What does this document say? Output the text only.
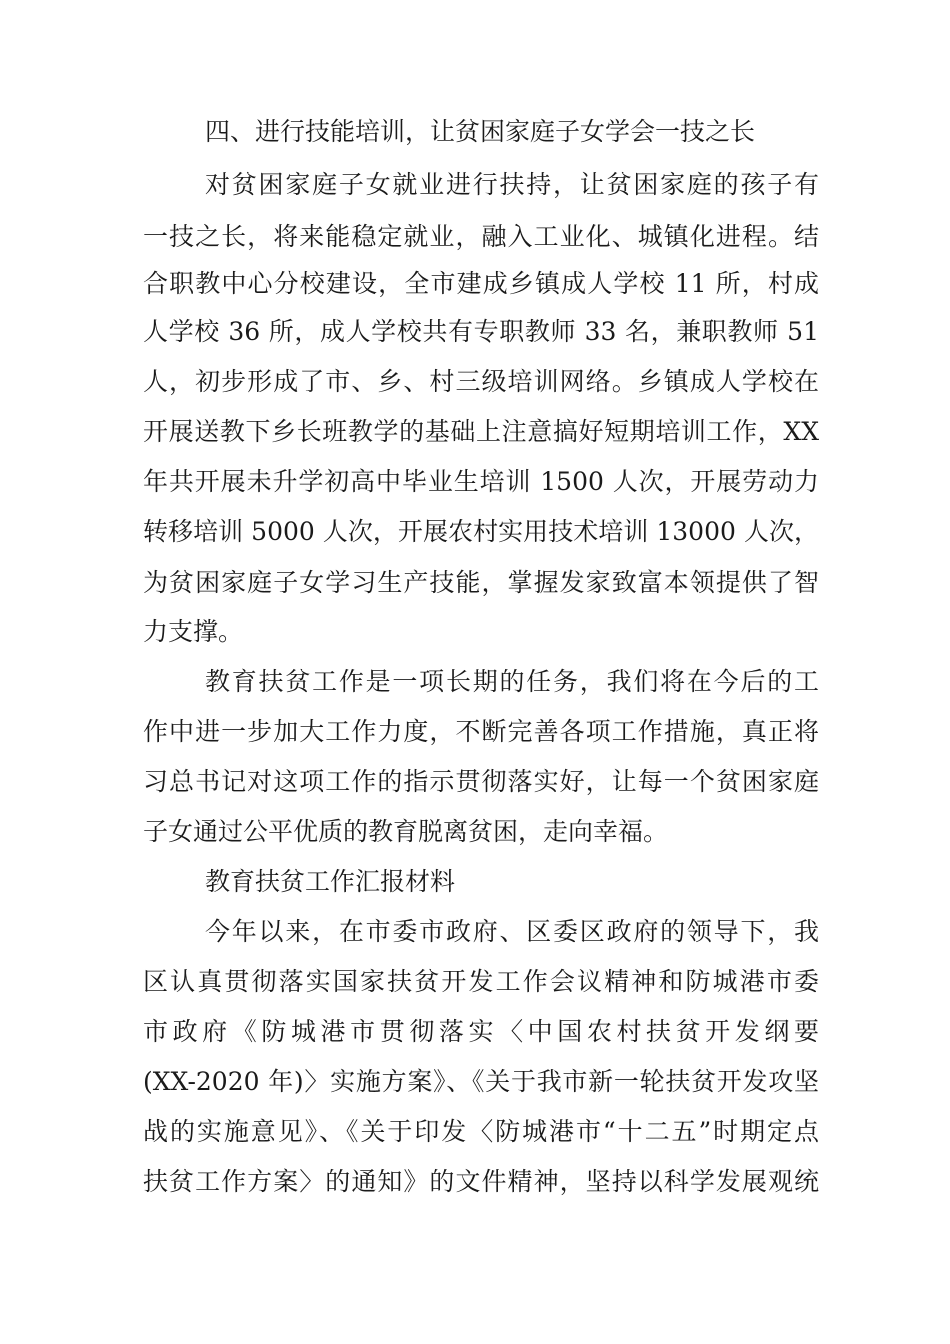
四、进行技能培训，让贫困家庭子女学会一技之长
对贫困家庭子女就业进行扶持，让贫困家庭的孩子有
一技之长，将来能稳定就业，融入工业化、城镇化进程。结
合职教中心分校建设，全市建成乡镇成人学校 11 所，村成
人学校 36 所，成人学校共有专职教师 33 名，兼职教师 51
人，初步形成了市、乡、村三级培训网络。乡镇成人学校在
开展送教下乡长班教学的基础上注意搞好短期培训工作，XX
年共开展未升学初高中毕业生培训 1500 人次，开展劳动力
转移培训 5000 人次，开展农村实用技术培训 13000 人次，
为贫困家庭子女学习生产技能，掌握发家致富本领提供了智
力支撑。
教育扶贫工作是一项长期的任务，我们将在今后的工
作中进一步加大工作力度，不断完善各项工作措施，真正将
习总书记对这项工作的指示贯彻落实好，让每一个贫困家庭
子女通过公平优质的教育脱离贫困，走向幸福。
教育扶贫工作汇报材料
今年以来，在市委市政府、区委区政府的领导下，我
区认真贯彻落实国家扶贫开发工作会议精神和防城港市委
市政府《防城港市贯彻落实〈中国农村扶贫开发纲要
(XX-2020 年)〉实施方案》、《关于我市新一轮扶贫开发攻坚
战的实施意见》、《关于印发〈防城港市“十二五”时期定点
扶贫工作方案〉的通知》的文件精神，坚持以科学发展观统
